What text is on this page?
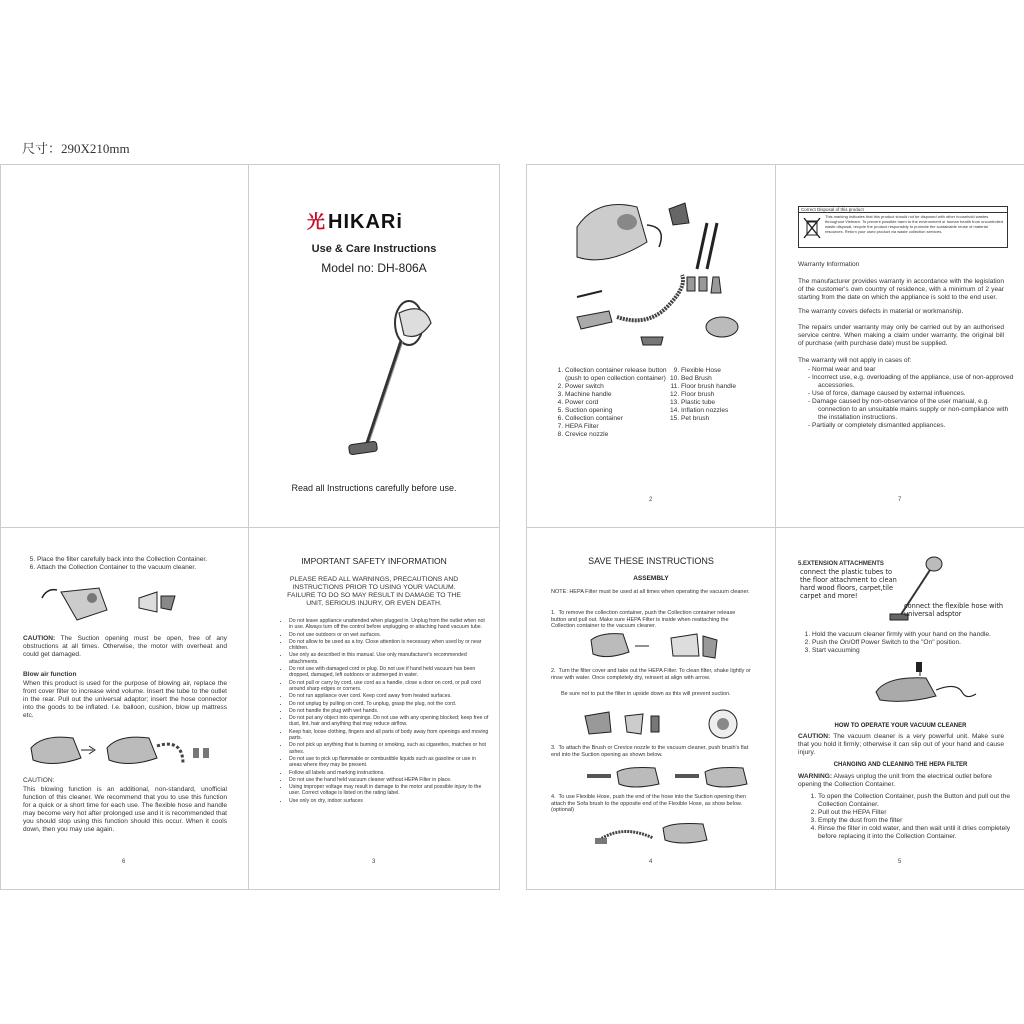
尺寸：290X210mm
光 HIKARi
Use & Care Instructions
Model no: DH-806A
Read all Instructions carefully before use.
5. Place the filter carefully back into the Collection Container.
6. Attach the Collection Container to the vacuum cleaner.
CAUTION: The Suction opening must be open, free of any obstructions at all times. Otherwise, the motor with overheat and could get damaged.
Blow air function
When this product is used for the purpose of blowing air, replace the front cover filter to increase wind volume. Insert the tube to the outlet in the rear. Pull out the universal adaptor; insert the hose connector into the goods to be inflated. I.e. balloon, cushion, blow up mattress etc.
CAUTION:
This blowing function is an additional, non-standard, unofficial function of this cleaner. We recommend that you to use this function for a quick or a short time for each use. The flexible hose and handle may become very hot after prolonged use and it is recommended that you should stop using this function should this occur. When it cools down, then you may use again.
6
IMPORTANT SAFETY INFORMATION
PLEASE READ ALL WARNINGS, PRECAUTIONS AND INSTRUCTIONS PRIOR TO USING YOUR VACUUM. FAILURE TO DO SO MAY RESULT IN DAMAGE TO THE UNIT, SERIOUS INJURY, OR EVEN DEATH.
• Do not leave appliance unattended when plugged in. Unplug from the outlet when not in use. Always turn off the control before unplugging or attaching hand vacuum tube.
• Do not use outdoors or on wet surfaces.
• Do not allow to be used as a toy. Close attention is necessary when used by or near children.
• Use only as described in this manual. Use only manufacturer's recommended attachments.
• Do not use with damaged cord or plug. Do not use if hand held vacuum has been dropped, damaged, left outdoors or submerged in water.
• Do not pull or carry by cord, use cord as a handle, close a door on cord, or pull cord around sharp edges or corners.
• Do not run appliance over cord. Keep cord away from heated surfaces.
• Do not unplug by pulling on cord. To unplug, grasp the plug, not the cord.
• Do not handle the plug with wet hands.
• Do not put any object into openings. Do not use with any opening blocked; keep free of dust, lint, hair and anything that may reduce airflow.
• Keep hair, loose clothing, fingers and all parts of body away from openings and moving parts.
• Do not pick up anything that is burning or smoking, such as cigarettes, matches or hot ashes.
• Do not use to pick up flammable or combustible liquids such as gasoline or use in areas where they may be present.
• Follow all labels and marking instructions.
• Do not use the hand held vacuum cleaner without HEPA Filter in place.
• Using improper voltage may result in damage to the motor and possible injury to the user. Correct voltage is listed on the rating label.
• Use only on dry, indoor surfaces
3
1. Collection container release button (push to open collection container)
2. Power switch
3. Machine handle
4. Power cord
5. Suction opening
6. Collection container
7. HEPA Filter
8. Crevice nozzle
9. Flexible Hose
10. Bed Brush
11. Floor brush handle
12. Floor brush
13. Plastic tube
14. Inflation nozzles
15. Pet brush
2
Correct Disposal of this product
This marking indicates that this product should not be disposed with other household wastes throughout Vietnam. To prevent possible harm to the environment or human health from uncontrolled waste disposal, recycle the product responsibly to promote the sustainable reuse of material resources. Return your used product via waste collection services.
Warranty Information
The manufacturer provides warranty in accordance with the legislation of the customer's own country of residence, with a minimum of 2 year starting from the date on which the appliance is sold to the end user.
The warranty covers defects in material or workmanship.
The repairs under warranty may only be carried out by an authorised service centre. When making a claim under warranty, the original bill of purchase (with purchase date) must be supplied.
The warranty will not apply in cases of:
- Normal wear and tear
- Incorrect use, e.g. overloading of the appliance, use of non-approved accessories.
- Use of force, damage caused by external influences.
- Damage caused by non-observance of the user manual, e.g. connection to an unsuitable mains supply or non-compliance with the installation instructions.
- Partially or completely dismantled appliances.
7
SAVE THESE INSTRUCTIONS
ASSEMBLY
NOTE: HEPA Filter must be used at all times when operating the vacuum cleaner.
1.  To remove the collection container, push the Collection container release button and pull out. Make sure HEPA Filter is inside when reattaching the Collection container to the vacuum cleaner.
2.  Turn the filter cover and take out the HEPA Filter. To clean filter, shake lightly or rinse with water. Once completely dry, reinsert at align with arrow.
Be sure not to put the filter in upside down as this will prevent suction.
3.  To attach the Brush or Crevice nozzle to the vacuum cleaner, push brush's flat end into the Suction opening as shown below.
4.  To use Flexible Hose, push the end of the hose into the Suction opening then attach the Sofa brush to the opposite end of the Flexible Hose, as show below. (optional)
4
5.EXTENSION ATTACHMENTS
connect the plastic tubes to the floor attachment to clean hard wood floors, carpet,tile carpet and more!
connect the flexible hose with universal adsptor
1. Hold the vacuum cleaner firmly with your hand on the handle.
2. Push the On/Off Power Switch to the "On" position.
3. Start vacuuming
HOW TO OPERATE YOUR VACUUM CLEANER
CAUTION: The vacuum cleaner is a very powerful unit. Make sure that you hold it firmly; otherwise it can slip out of your hand and cause injury.
CHANGING AND CLEANING THE HEPA FILTER
WARNING: Always unplug the unit from the electrical outlet before opening the Collection Container.
1. To open the Collection Container, push the Button and pull out the Collection Container.
2. Pull out the HEPA Filter
3. Empty the dust from the filter
4. Rinse the filter in cold water, and then wait until it dries completely before replacing it into the Collection Container.
5
